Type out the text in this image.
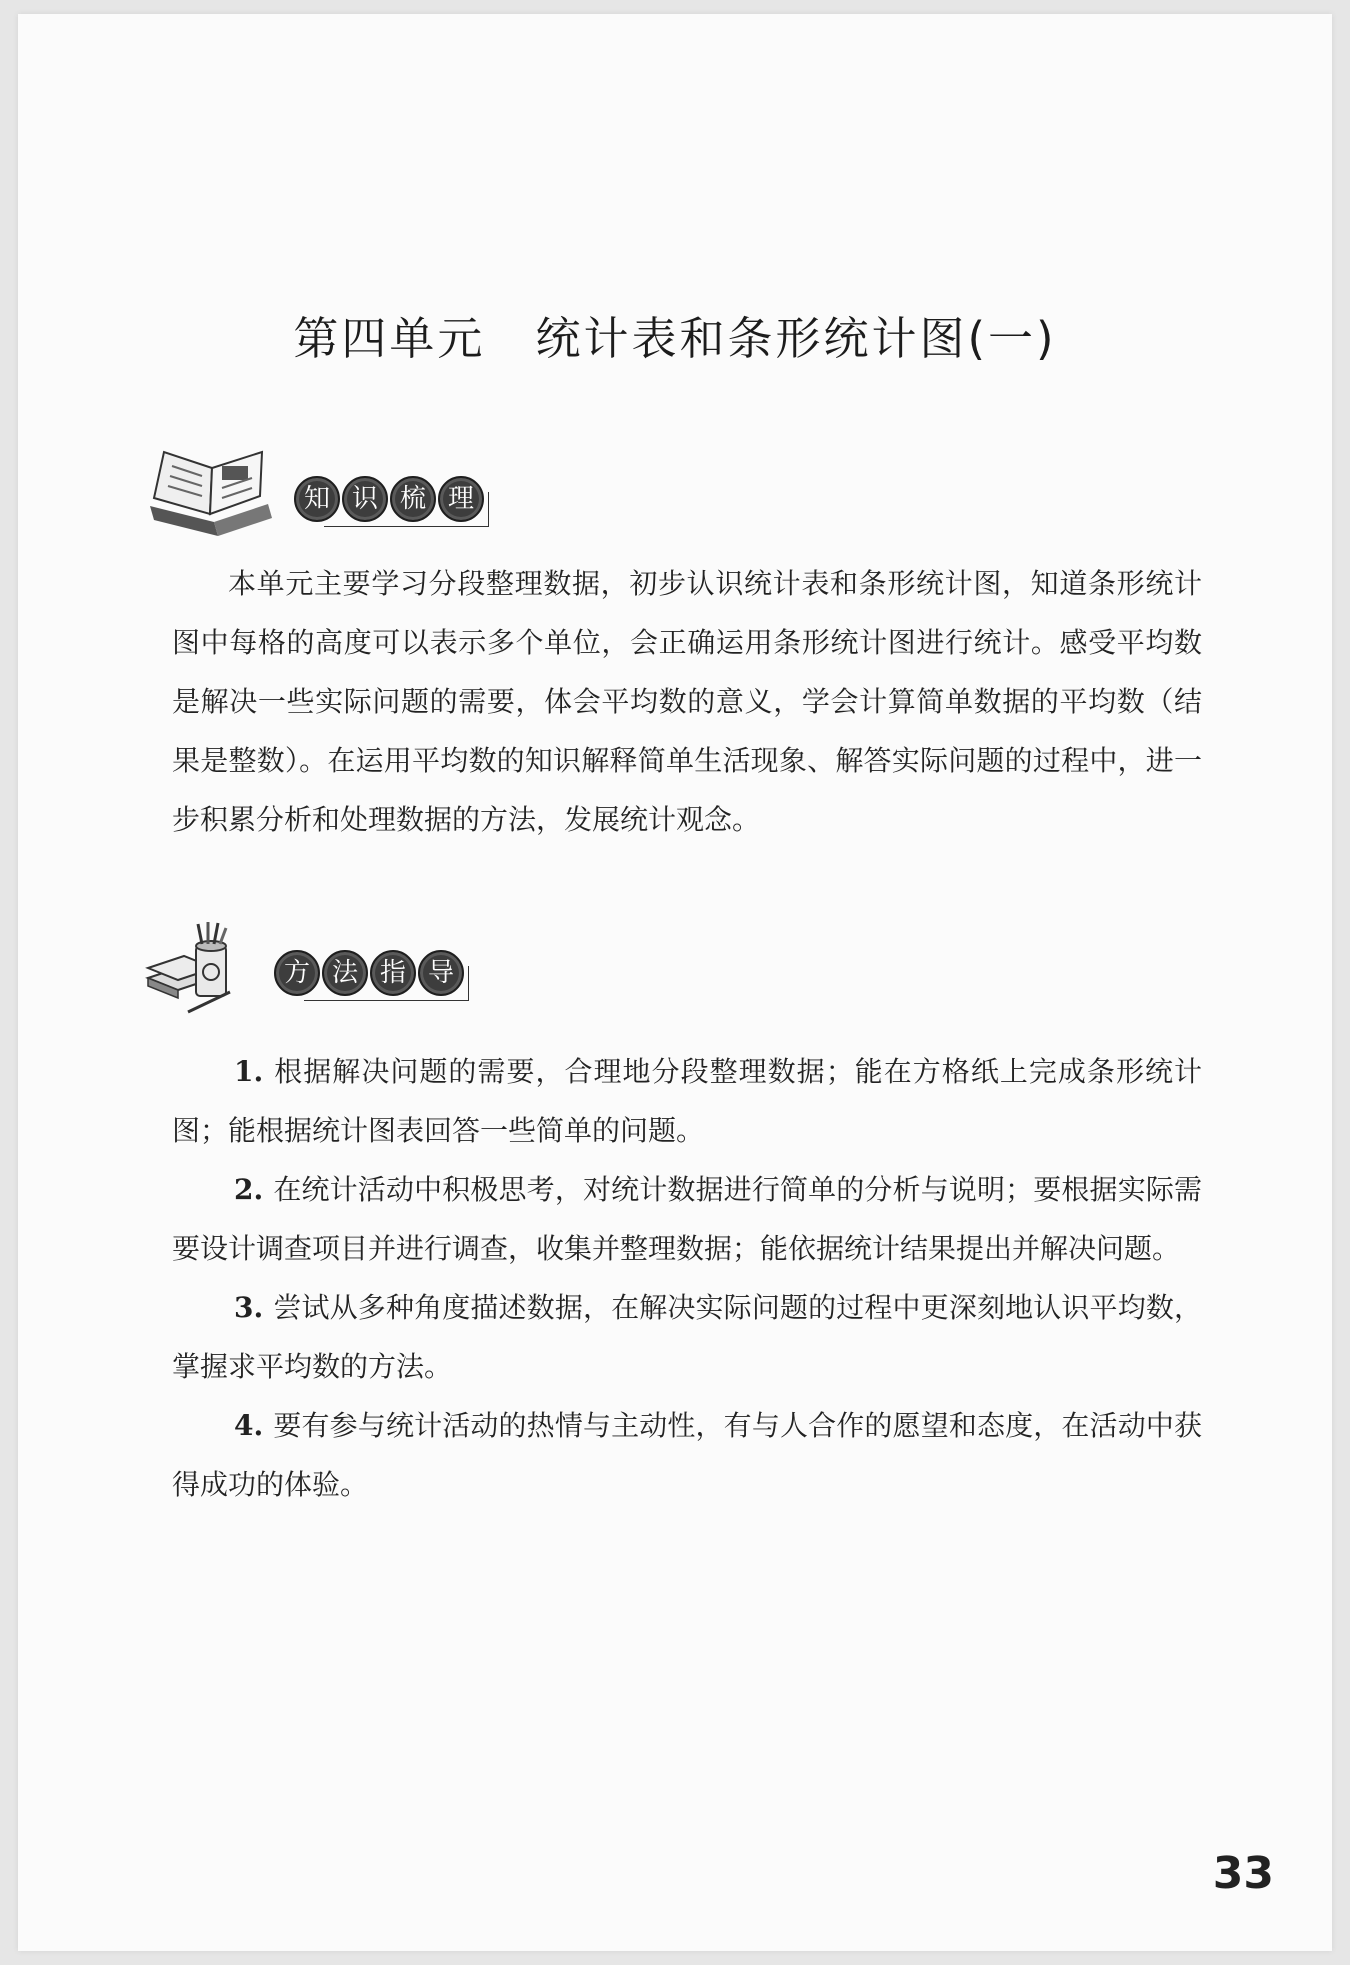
第四单元 统计表和条形统计图(一)
知 识 梳 理

本单元主要学习分段整理数据，初步认识统计表和条形统计图，知道条形统计图中每格的高度可以表示多个单位，会正确运用条形统计图进行统计。感受平均数是解决一些实际问题的需要，体会平均数的意义，学会计算简单数据的平均数（结果是整数）。在运用平均数的知识解释简单生活现象、解答实际问题的过程中，进一步积累分析和处理数据的方法，发展统计观念。

方 法 指 导

1. 根据解决问题的需要，合理地分段整理数据；能在方格纸上完成条形统计图；能根据统计图表回答一些简单的问题。

2. 在统计活动中积极思考，对统计数据进行简单的分析与说明；要根据实际需要设计调查项目并进行调查，收集并整理数据；能依据统计结果提出并解决问题。

3. 尝试从多种角度描述数据，在解决实际问题的过程中更深刻地认识平均数，掌握求平均数的方法。

4. 要有参与统计活动的热情与主动性，有与人合作的愿望和态度，在活动中获得成功的体验。

33
